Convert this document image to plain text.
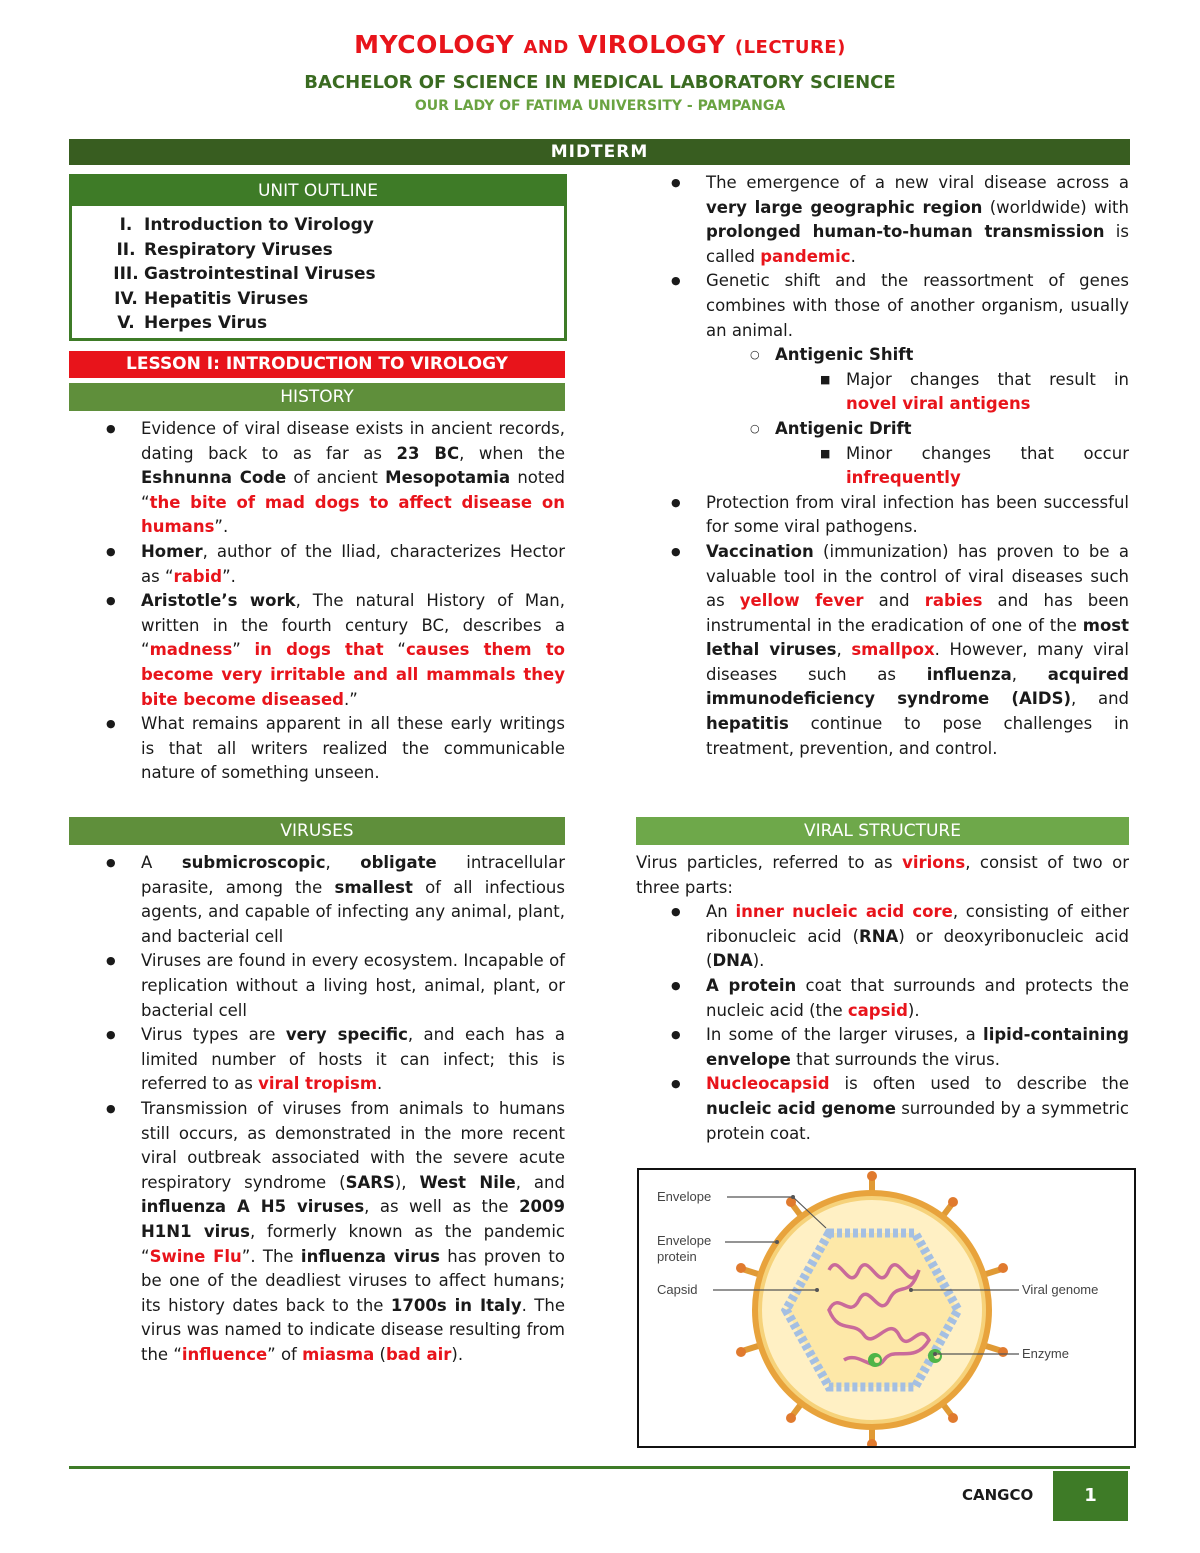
MYCOLOGY AND VIROLOGY (LECTURE)
BACHELOR OF SCIENCE IN MEDICAL LABORATORY SCIENCE
OUR LADY OF FATIMA UNIVERSITY - PAMPANGA
MIDTERM
UNIT OUTLINE
I. Introduction to Virology
II. Respiratory Viruses
III. Gastrointestinal Viruses
IV. Hepatitis Viruses
V. Herpes Virus
LESSON I: INTRODUCTION TO VIROLOGY
HISTORY
● Evidence of viral disease exists in ancient records, dating back to as far as 23 BC, when the Eshnunna Code of ancient Mesopotamia noted “the bite of mad dogs to affect disease on humans”.
● Homer, author of the Iliad, characterizes Hector as “rabid”.
● Aristotle’s work, The natural History of Man, written in the fourth century BC, describes a “madness” in dogs that “causes them to become very irritable and all mammals they bite become diseased.”
● What remains apparent in all these early writings is that all writers realized the communicable nature of something unseen.
VIRUSES
● A submicroscopic, obligate intracellular parasite, among the smallest of all infectious agents, and capable of infecting any animal, plant, and bacterial cell
● Viruses are found in every ecosystem. Incapable of replication without a living host, animal, plant, or bacterial cell
● Virus types are very specific, and each has a limited number of hosts it can infect; this is referred to as viral tropism.
● Transmission of viruses from animals to humans still occurs, as demonstrated in the more recent viral outbreak associated with the severe acute respiratory syndrome (SARS), West Nile, and influenza A H5 viruses, as well as the 2009 H1N1 virus, formerly known as the pandemic “Swine Flu”. The influenza virus has proven to be one of the deadliest viruses to affect humans; its history dates back to the 1700s in Italy. The virus was named to indicate disease resulting from the “influence” of miasma (bad air).
● The emergence of a new viral disease across a very large geographic region (worldwide) with prolonged human-to-human transmission is called pandemic.
● Genetic shift and the reassortment of genes combines with those of another organism, usually an animal.
○ Antigenic Shift
■ Major changes that result in novel viral antigens
○ Antigenic Drift
■ Minor changes that occur infrequently
● Protection from viral infection has been successful for some viral pathogens.
● Vaccination (immunization) has proven to be a valuable tool in the control of viral diseases such as yellow fever and rabies and has been instrumental in the eradication of one of the most lethal viruses, smallpox. However, many viral diseases such as influenza, acquired immunodeficiency syndrome (AIDS), and hepatitis continue to pose challenges in treatment, prevention, and control.
VIRAL STRUCTURE
Virus particles, referred to as virions, consist of two or three parts:
● An inner nucleic acid core, consisting of either ribonucleic acid (RNA) or deoxyribonucleic acid (DNA).
● A protein coat that surrounds and protects the nucleic acid (the capsid).
● In some of the larger viruses, a lipid-containing envelope that surrounds the virus.
● Nucleocapsid is often used to describe the nucleic acid genome surrounded by a symmetric protein coat.
Envelope
Envelope
protein
Capsid	Viral genome
Enzyme
CANGCO	1
